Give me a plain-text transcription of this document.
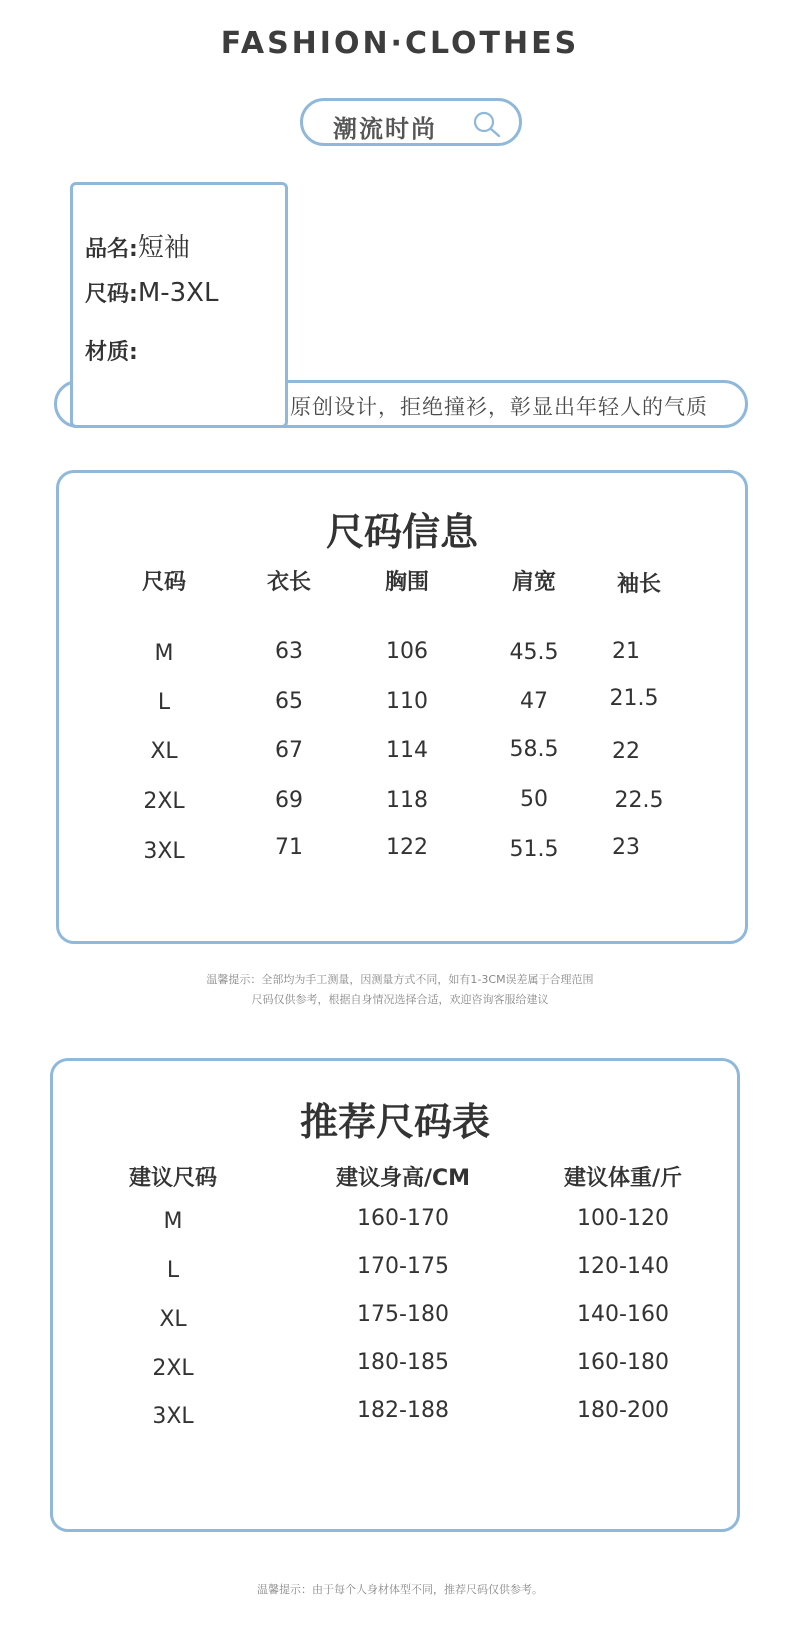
FASHION·CLOTHES
潮流时尚
原创设计，拒绝撞衫，彰显出年轻人的气质
品名:短袖
尺码:M-3XL
材质:
尺码信息
尺码	衣长	胸围	肩宽	袖长
M	63	106	45.5	21
L	65	110	47	21.5
XL	67	114	58.5	22
2XL	69	118	50	22.5
3XL	71	122	51.5	23
温馨提示：全部均为手工测量，因测量方式不同，如有1-3CM误差属于合理范围
尺码仅供参考，根据自身情况选择合适，欢迎咨询客服给建议
推荐尺码表
建议尺码	建议身高/CM	建议体重/斤
M	160-170	100-120
L	170-175	120-140
XL	175-180	140-160
2XL	180-185	160-180
3XL	182-188	180-200
温馨提示：由于每个人身材体型不同，推荐尺码仅供参考。
